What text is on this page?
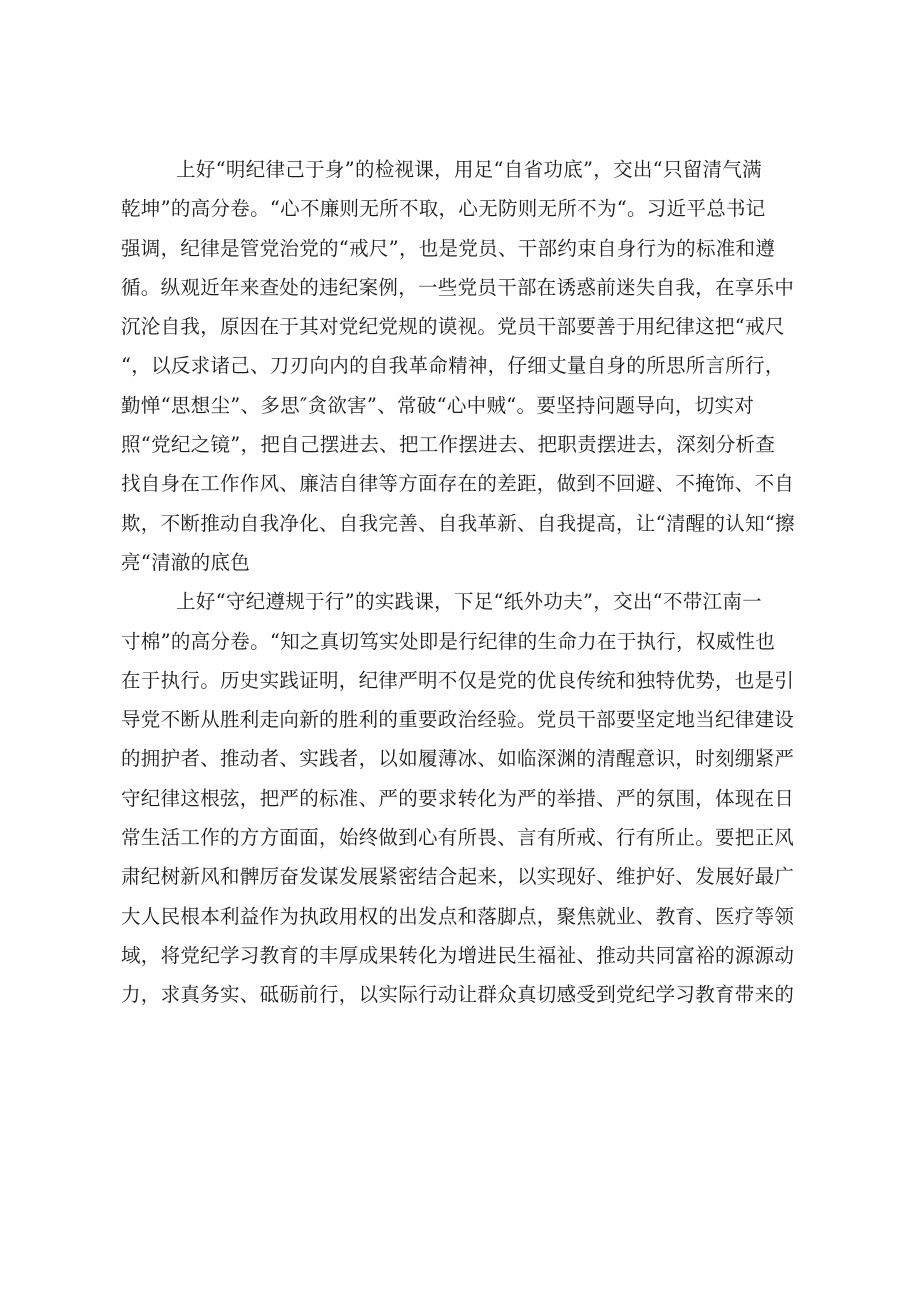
上好“明纪律己于身”的检视课，用足“自省功底”，交出“只留清气满
乾坤”的高分卷。“心不廉则无所不取，心无防则无所不为“。习近平总书记
强调，纪律是管党治党的“戒尺”，也是党员、干部约束自身行为的标准和遵
循。纵观近年来查处的违纪案例，一些党员干部在诱惑前迷失自我，在享乐中
沉沦自我，原因在于其对党纪党规的谟视。党员干部要善于用纪律这把“戒尺
“，以反求诸己、刀刃向内的自我革命精神，仔细丈量自身的所思所言所行，
勤惮“思想尘”、多思″贪欲害”、常破“心中贼“。要坚持问题导向，切实对
照“党纪之镜”，把自己摆进去、把工作摆进去、把职责摆进去，深刻分析查
找自身在工作作风、廉洁自律等方面存在的差距，做到不回避、不掩饰、不自
欺，不断推动自我净化、自我完善、自我革新、自我提高，让“清醒的认知“擦
亮“清澈的底色
上好“守纪遵规于行”的实践课，下足“纸外功夫”，交出“不带江南一
寸棉”的高分卷。“知之真切笃实处即是行纪律的生命力在于执行，权威性也
在于执行。历史实践证明，纪律严明不仅是党的优良传统和独特优势，也是引
导党不断从胜利走向新的胜利的重要政治经验。党员干部要坚定地当纪律建设
的拥护者、推动者、实践者，以如履薄冰、如临深渊的清醒意识，时刻绷紧严
守纪律这根弦，把严的标准、严的要求转化为严的举措、严的氛围，体现在日
常生活工作的方方面面，始终做到心有所畏、言有所戒、行有所止。要把正风
肃纪树新风和髀厉奋发谋发展紧密结合起来，以实现好、维护好、发展好最广
大人民根本利益作为执政用权的出发点和落脚点，聚焦就业、教育、医疗等领
域，将党纪学习教育的丰厚成果转化为增进民生福祉、推动共同富裕的源源动
力，求真务实、砥砺前行，以实际行动让群众真切感受到党纪学习教育带来的
